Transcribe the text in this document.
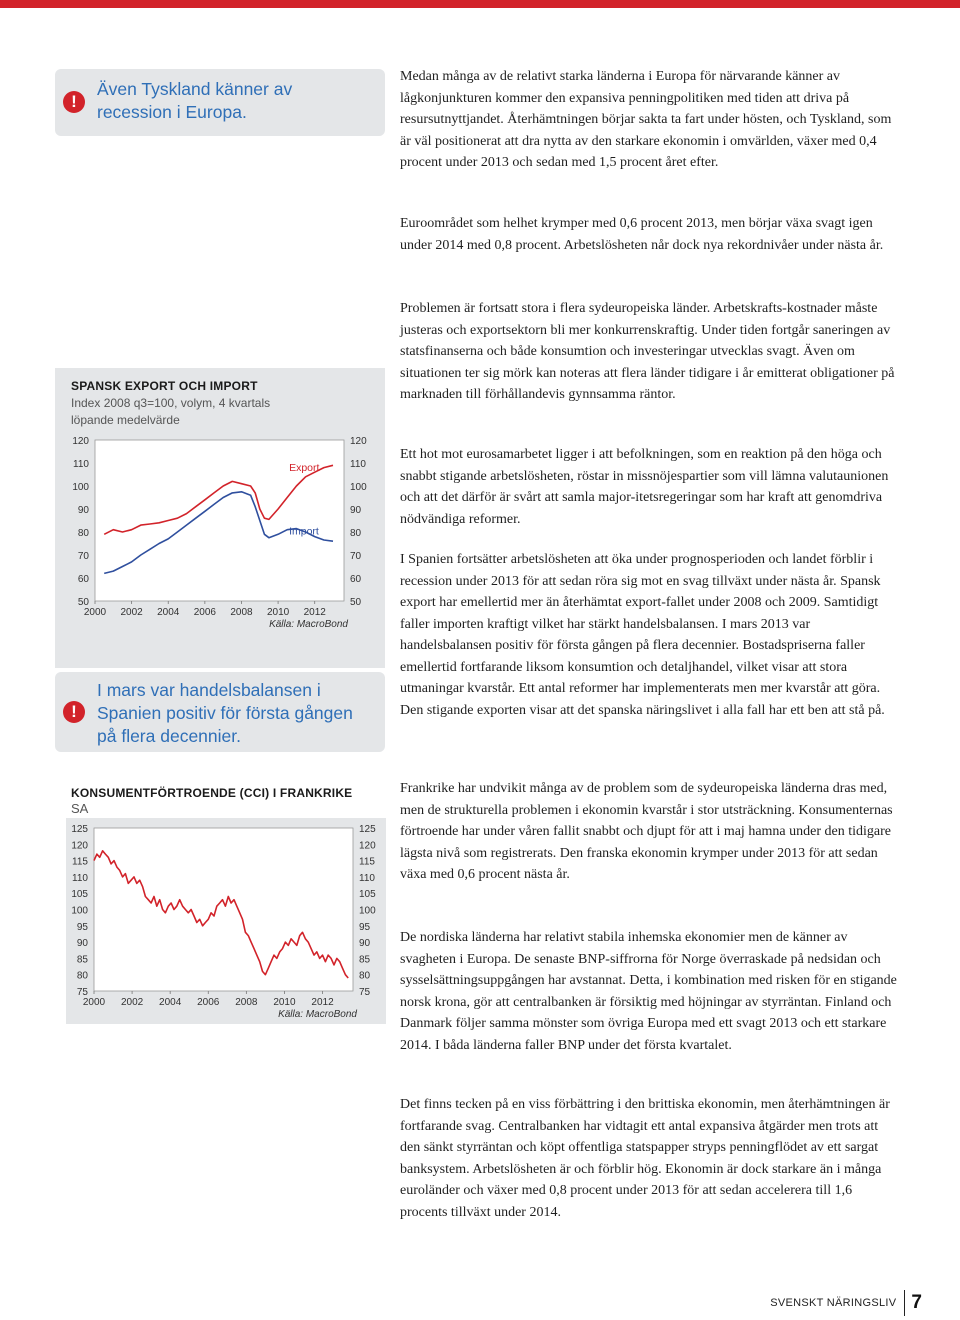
!
Även Tyskland känner av recession i Europa.
SPANSK EXPORT OCH IMPORT
Index 2008 q3=100, volym, 4 kvartals
löpande medelvärde
120	120
110	110
100	100
90	90
80	80
70	70
60	60
50	50
2000 2002 2004 2006 2008 2010 2012
Export
Import
Källa: MacroBond
!
I mars var handelsbalansen i Spanien positiv för första gången på flera decennier.
KONSUMENTFÖRTROENDE (CCI) I FRANKRIKE
SA
125	125
120	120
115	115
110	110
105	105
100	100
95	95
90	90
85	85
80	80
75	75
2000 2002 2004 2006 2008 2010 2012
Källa: MacroBond

Medan många av de relativt starka länderna i Europa för närvarande känner av lågkonjunkturen kommer den expansiva penningpolitiken med tiden att driva på resursutnyttjandet. Återhämtningen börjar sakta ta fart under hösten, och Tyskland, som är väl positionerat att dra nytta av den starkare ekonomin i omvärlden, växer med 0,4 procent under 2013 och sedan med 1,5 procent året efter.

Euroområdet som helhet krymper med 0,6 procent 2013, men börjar växa svagt igen under 2014 med 0,8 procent. Arbetslösheten når dock nya rekordnivåer under nästa år.

Problemen är fortsatt stora i flera sydeuropeiska länder. Arbetskrafts-kostnader måste justeras och exportsektorn bli mer konkurrenskraftig. Under tiden fortgår saneringen av statsfinanserna och både konsumtion och investeringar utvecklas svagt. Även om situationen ter sig mörk kan noteras att flera länder tidigare i år emitterat obligationer på marknaden till förhållandevis gynnsamma räntor.

Ett hot mot eurosamarbetet ligger i att befolkningen, som en reaktion på den höga och snabbt stigande arbetslösheten, röstar in missnöjespartier som vill lämna valutaunionen och att det därför är svårt att samla major-itetsregeringar som har kraft att genomdriva nödvändiga reformer.

I Spanien fortsätter arbetslösheten att öka under prognosperioden och landet förblir i recession under 2013 för att sedan röra sig mot en svag tillväxt under nästa år. Spansk export har emellertid mer än återhämtat export-fallet under 2008 och 2009. Samtidigt faller importen kraftigt vilket har stärkt handelsbalansen. I mars 2013 var handelsbalansen positiv för första gången på flera decennier. Bostadspriserna faller emellertid fortfarande liksom konsumtion och detaljhandel, vilket visar att stora utmaningar kvarstår. Ett antal reformer har implementerats men mer kvarstår att göra. Den stigande exporten visar att det spanska näringslivet i alla fall har ett ben att stå på.

Frankrike har undvikit många av de problem som de sydeuropeiska länderna dras med, men de strukturella problemen i ekonomin kvarstår i stor utsträckning. Konsumenternas förtroende har under våren fallit snabbt och djupt för att i maj hamna under den tidigare lägsta nivå som registrerats. Den franska ekonomin krymper under 2013 för att sedan växa med 0,6 procent nästa år.

De nordiska länderna har relativt stabila inhemska ekonomier men de känner av svagheten i Europa. De senaste BNP-siffrorna för Norge överraskade på nedsidan och sysselsättningsuppgången har avstannat. Detta, i kombination med risken för en stigande norsk krona, gör att centralbanken är försiktig med höjningar av styrräntan. Finland och Danmark följer samma mönster som övriga Europa med ett svagt 2013 och ett starkare 2014. I båda länderna faller BNP under det första kvartalet.

Det finns tecken på en viss förbättring i den brittiska ekonomin, men återhämtningen är fortfarande svag. Centralbanken har vidtagit ett antal expansiva åtgärder men trots att den sänkt styrräntan och köpt offentliga statspapper stryps penningflödet av ett sargat banksystem. Arbetslösheten är och förblir hög. Ekonomin är dock starkare än i många euroländer och växer med 0,8 procent under 2013 för att sedan accelerera till 1,6 procents tillväxt under 2014.

SVENSKT NÄRINGSLIV 7
